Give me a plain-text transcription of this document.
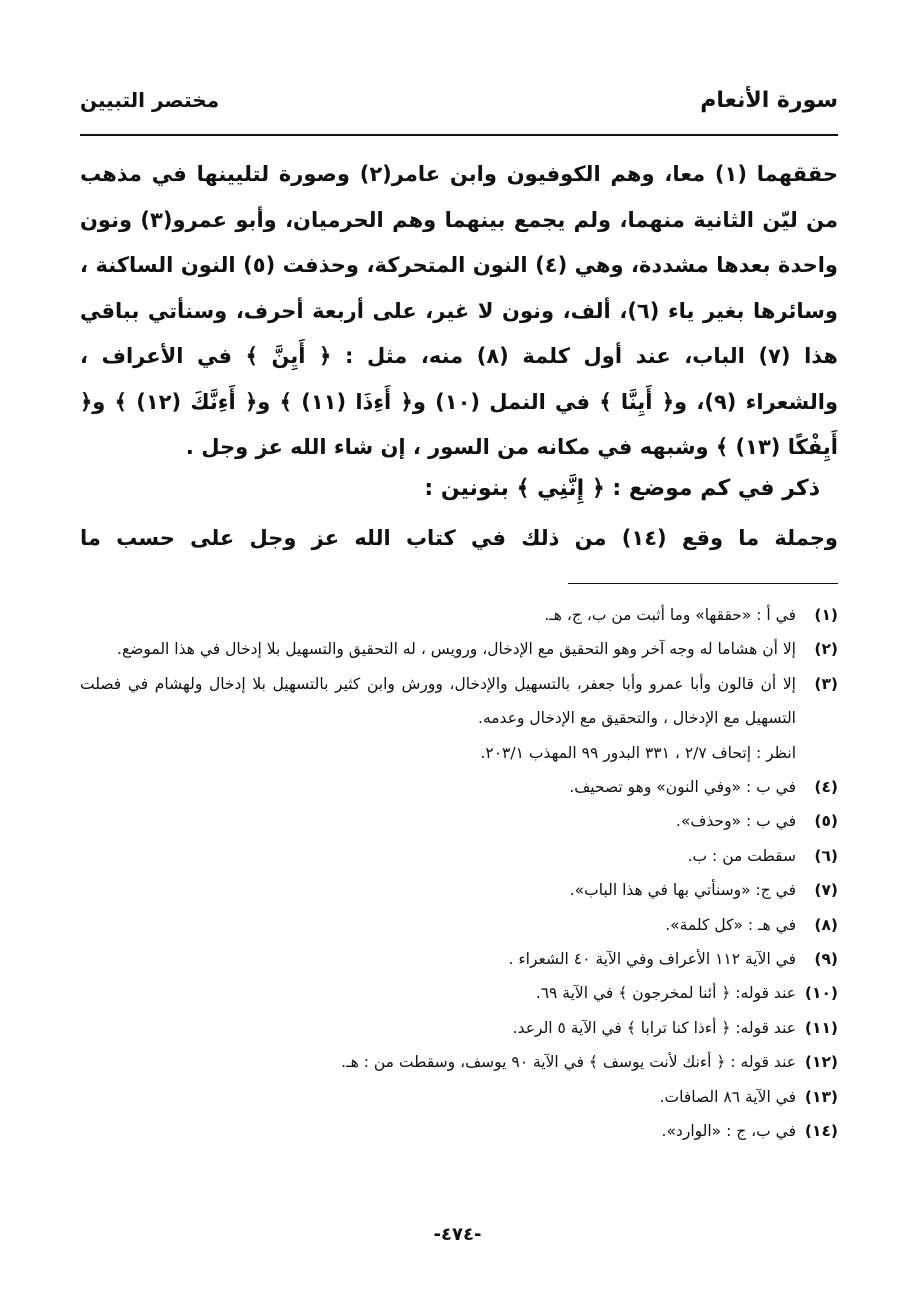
سورة الأنعام
مختصر التبيين

حققهما (١) معا، وهم الكوفيون وابن عامر(٢) وصورة لتليينها في مذهب من ليّن الثانية منهما، ولم يجمع بينهما وهم الحرميان، وأبو عمرو(٣) ونون واحدة بعدها مشددة، وهي (٤) النون المتحركة، وحذفت (٥) النون الساكنة ، وسائرها بغير ياء (٦)، ألف، ونون لا غير، على أربعة أحرف، وسنأتي بباقي هذا (٧) الباب، عند أول كلمة (٨) منه، مثل : ﴿ أَيِنَّ ﴾ في الأعراف ، والشعراء (٩)، و﴿ أَيِنَّا ﴾ في النمل (١٠) و﴿ أَءِذَا (١١) ﴾ و﴿ أَءِنَّكَ (١٢) ﴾ و﴿ أَيِفْكًا (١٣) ﴾ وشبهه في مكانه من السور ، إن شاء الله عز وجل .

ذكر في كم موضع : ﴿ إِنَّنِي ﴾ بنونين :
وجملة ما وقع (١٤) من ذلك في كتاب الله عز وجل على حسب ما
(١)
في أ : «حققها» وما أثبت من ب، ج، هـ.
(٢)
إلا أن هشاما له وجه آخر وهو التحقيق مع الإدخال، ورويس ، له التحقيق والتسهيل بلا إدخال في هذا الموضع.
(٣)
إلا أن قالون وأبا عمرو وأبا جعفر، بالتسهيل والإدخال، وورش وابن كثير بالتسهيل بلا إدخال ولهشام في فصلت التسهيل مع الإدخال ، والتحقيق مع الإدخال وعدمه.
انظر : إتحاف ٢/٧ ، ٣٣١ البدور ٩٩ المهذب ٢٠٣/١.
(٤)
في ب : «وفي النون» وهو تصحيف.
(٥)
في ب : «وحذف».
(٦)
سقطت من : ب.
(٧)
في ج: «وسنأتي بها في هذا الباب».
(٨)
في هـ : «كل كلمة».
(٩)
في الآية ١١٢ الأعراف وفي الآية ٤٠ الشعراء .
(١٠)
عند قوله: ﴿ أئنا لمخرجون ﴾ في الآية ٦٩.
(١١)
عند قوله: ﴿ أءذا كنا ترابا ﴾ في الآية ٥ الرعد.
(١٢)
عند قوله : ﴿ أءنك لأنت يوسف ﴾ في الآية ٩٠ يوسف، وسقطت من : هـ.
(١٣)
في الآية ٨٦ الصافات.
(١٤)
في ب، ج : «الوارد».
-٤٧٤-
